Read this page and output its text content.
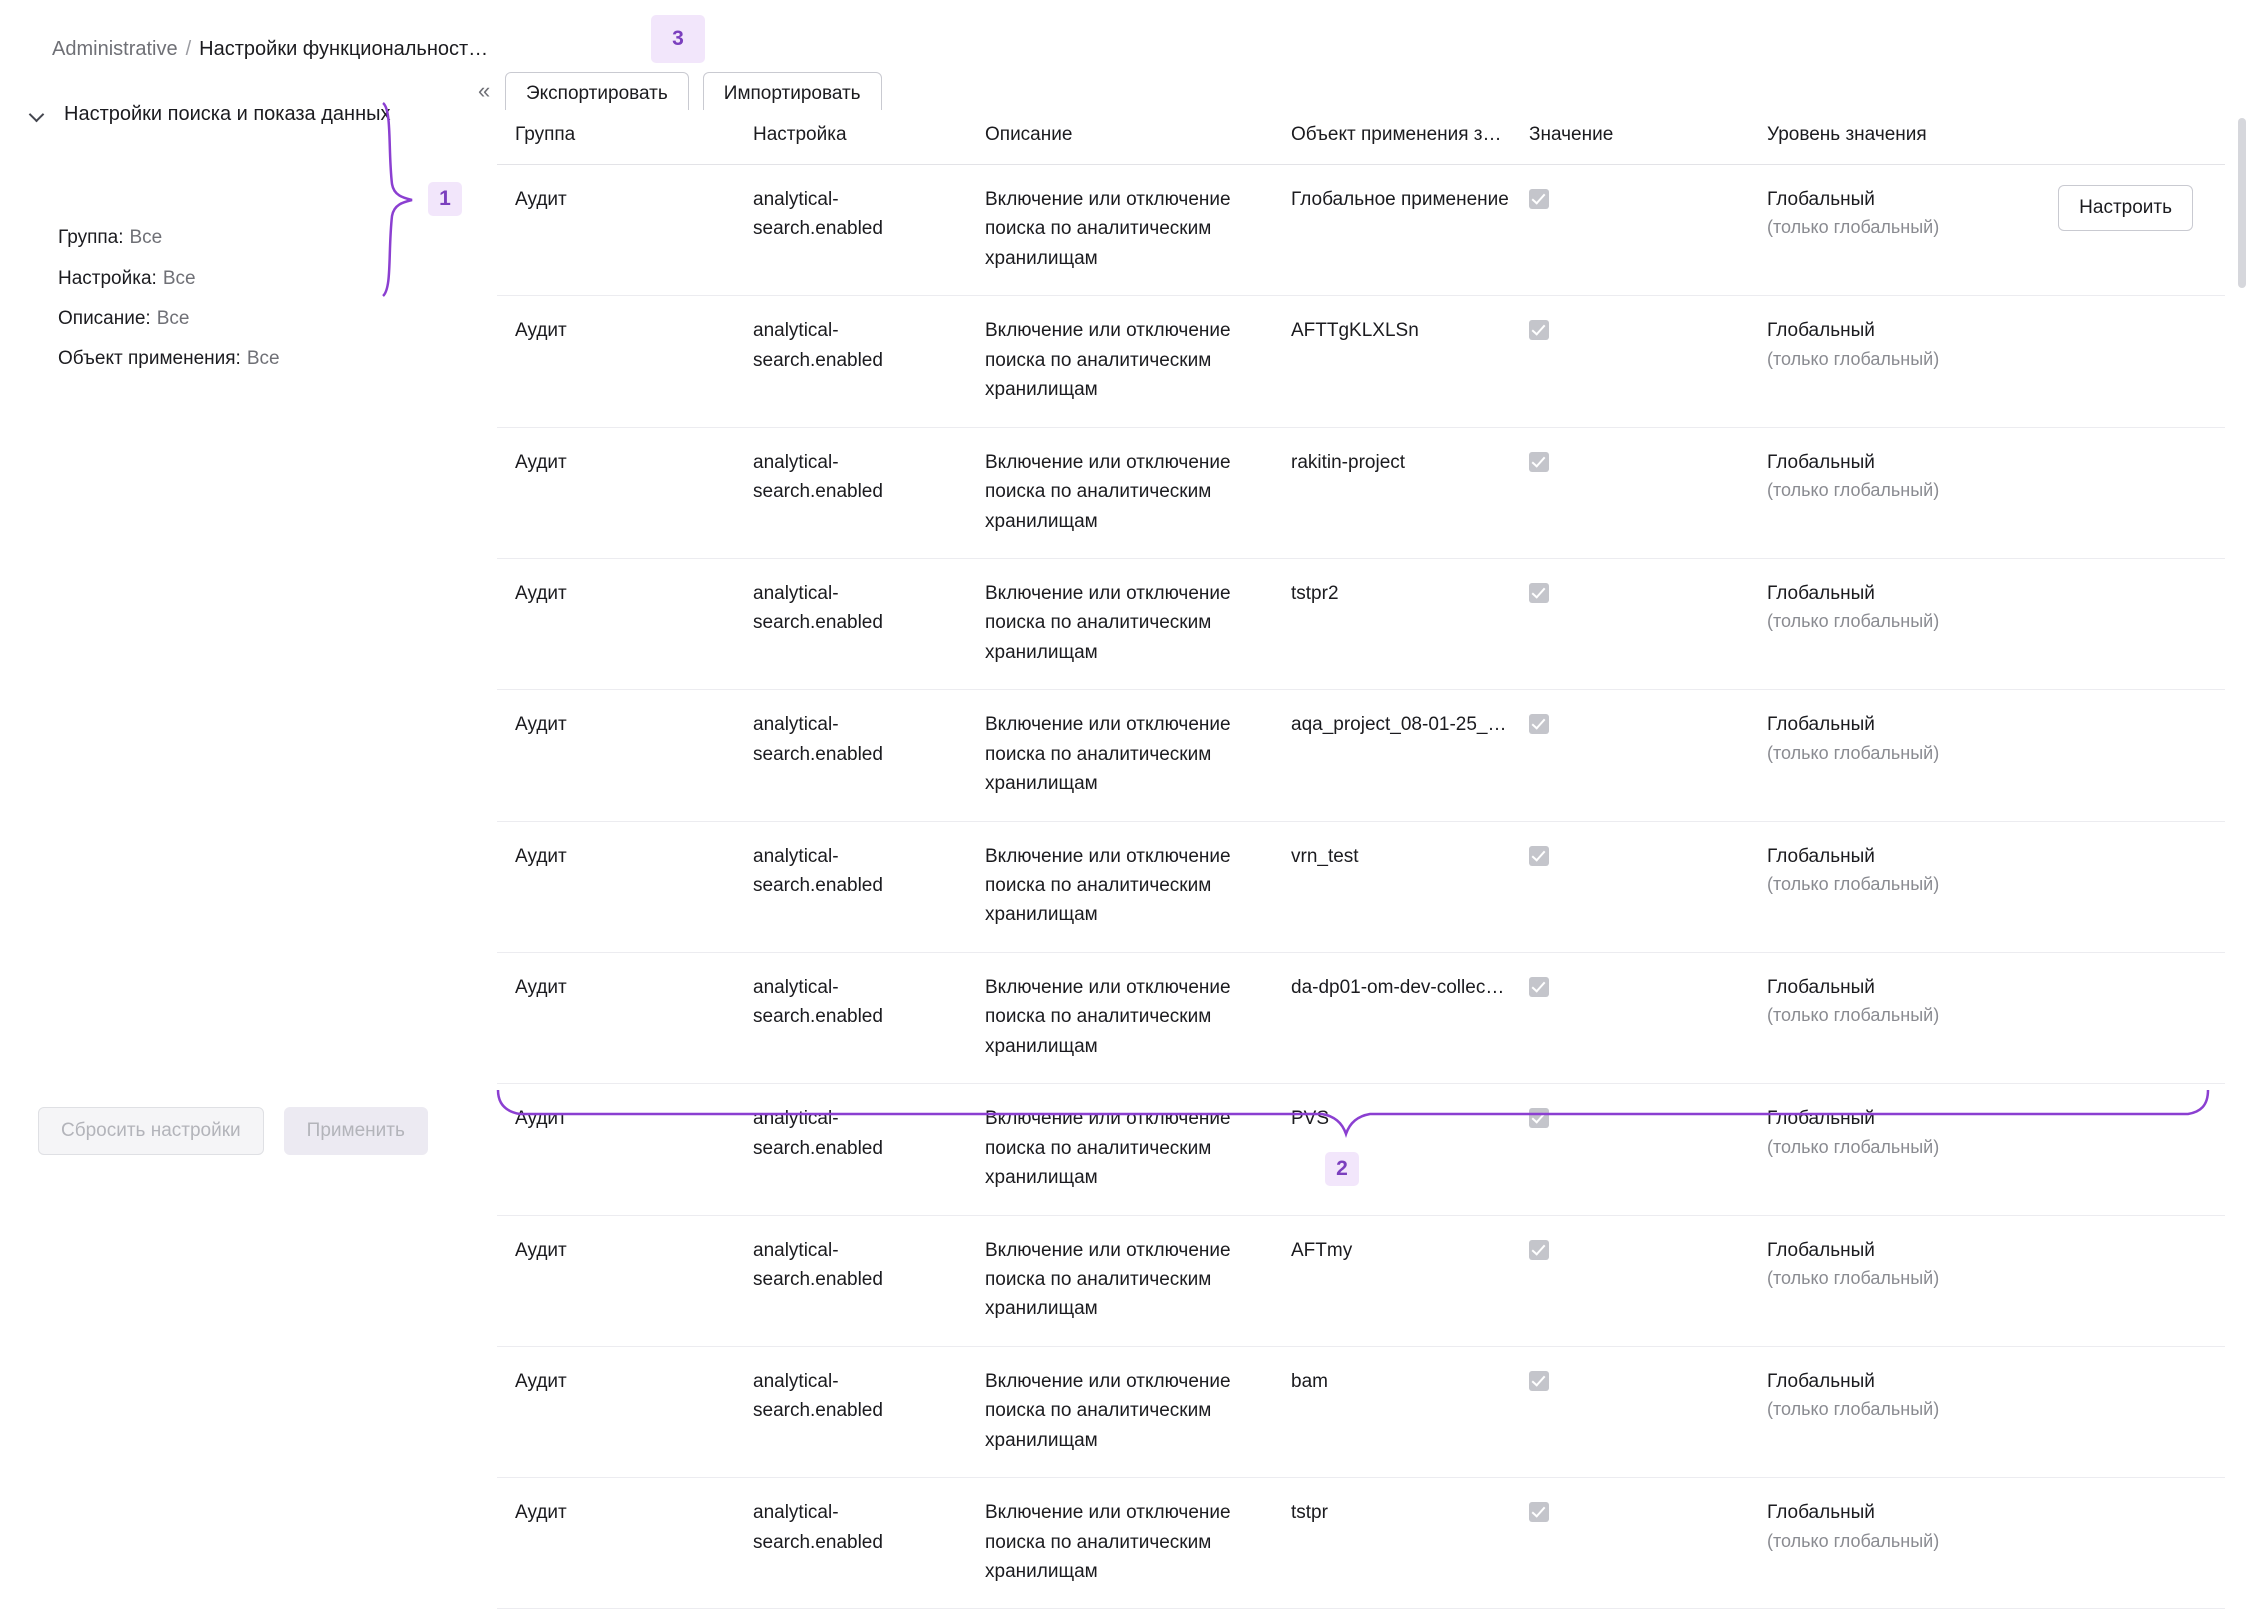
Administrative / Настройки функциональност…
Настройки поиска и показа данных
Группа: Все
Настройка: Все
Описание: Все
Объект применения: Все
Сбросить настройки	Применить
«	Экспортировать	Импортировать
Группа	Настройка	Описание	Объект применения з…	Значение	Уровень значения	
Аудит	analytical-search.enabled	Включение или отключение поиска по аналитическим хранилищам	Глобальное применение		Глобальный
(только глобальный)	Настроить

Аудит	analytical-search.enabled	Включение или отключение поиска по аналитическим хранилищам	AFTTgKLXLSn		Глобальный
(только глобальный)	

Аудит	analytical-search.enabled	Включение или отключение поиска по аналитическим хранилищам	rakitin-project		Глобальный
(только глобальный)	

Аудит	analytical-search.enabled	Включение или отключение поиска по аналитическим хранилищам	tstpr2		Глобальный
(только глобальный)	

Аудит	analytical-search.enabled	Включение или отключение поиска по аналитическим хранилищам	aqa_project_08-01-25_…		Глобальный
(только глобальный)	

Аудит	analytical-search.enabled	Включение или отключение поиска по аналитическим хранилищам	vrn_test		Глобальный
(только глобальный)	

Аудит	analytical-search.enabled	Включение или отключение поиска по аналитическим хранилищам	da-dp01-om-dev-collec…		Глобальный
(только глобальный)	

Аудит	analytical-search.enabled	Включение или отключение поиска по аналитическим хранилищам	PVS		Глобальный
(только глобальный)	

Аудит	analytical-search.enabled	Включение или отключение поиска по аналитическим хранилищам	AFTmy		Глобальный
(только глобальный)	

Аудит	analytical-search.enabled	Включение или отключение поиска по аналитическим хранилищам	bam		Глобальный
(только глобальный)	

Аудит	analytical-search.enabled	Включение или отключение поиска по аналитическим хранилищам	tstpr		Глобальный
(только глобальный)	

1
2
3
